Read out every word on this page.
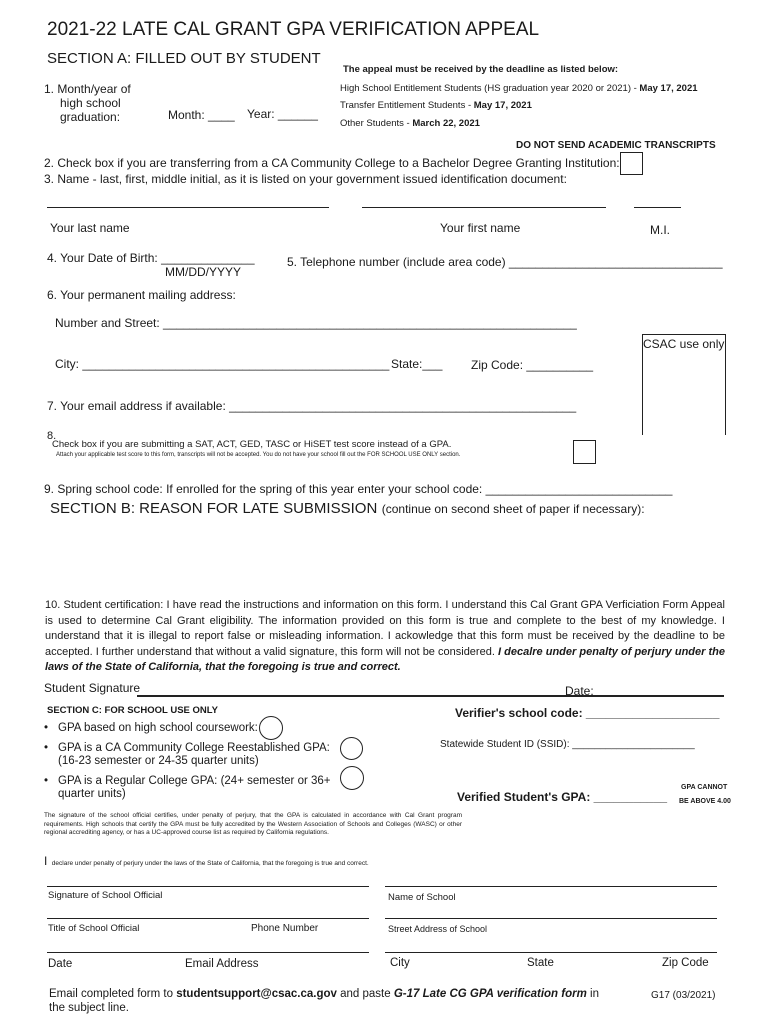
2021-22 LATE CAL GRANT GPA VERIFICATION APPEAL
SECTION A: FILLED OUT BY STUDENT
The appeal must be received by the deadline as listed below:
High School Entitlement Students (HS graduation year 2020 or 2021) - May 17, 2021
Transfer Entitlement Students - May 17, 2021
Other Students - March 22, 2021
1. Month/year of
high school
graduation:	Month: ____ Year: ______
DO NOT SEND ACADEMIC TRANSCRIPTS
2. Check box if you are transferring from a CA Community College to a Bachelor Degree Granting Institution:
3. Name - last, first, middle initial, as it is listed on your government issued identification document:
Your last name	Your first name	M.I.
4. Your Date of Birth: ______________
MM/DD/YYYY
5. Telephone number (include area code) ________________________________
6. Your permanent mailing address:
Number and Street: ______________________________________________________________
City: ______________________________________________ State:___ Zip Code: __________
CSAC use only
7. Your email address if available: ____________________________________________________
8.
Check box if you are submitting a SAT, ACT, GED, TASC or HiSET test score instead of a GPA.
Attach your applicable test score to this form, transcripts will not be accepted. You do not have your school fill out the FOR SCHOOL USE ONLY section.
9. Spring school code: If enrolled for the spring of this year enter your school code: ____________________________
SECTION B: REASON FOR LATE SUBMISSION (continue on second sheet of paper if necessary):
10. Student certification: I have read the instructions and information on this form. I understand this Cal Grant GPA Verficiation Form Appeal is used to determine Cal Grant eligibility. The information provided on this form is true and complete to the best of my knowledge. I understand that it is illegal to report false or misleading information. I ackowledge that this form must be received by the deadline to be accepted. I further understand that without a valid signature, this form will not be considered. I decalre under penalty of perjury under the laws of the State of California, that the foregoing is true and correct.
Student Signature	Date:
SECTION C: FOR SCHOOL USE ONLY	Verifier's school code: ____________________
Statewide Student ID (SSID): ______________________
• GPA based on high school coursework:
• GPA is a CA Community College Reestablished GPA:
(16-23 semester or 24-35 quarter units)
• GPA is a Regular College GPA: (24+ semester or 36+
quarter units)	Verified Student's GPA: ___________
GPA CANNOT
BE ABOVE 4.00
The signature of the school official certifies, under penalty of perjury, that the GPA is calculated in accordance with Cal Grant program requirements. High schools that certify the GPA must be fully accredited by the Western Association of Schools and Colleges (WASC) or other regional accrediting agency, or has a UC-approved course list as required by California regulations.
I declare under penalty of perjury under the laws of the State of California, that the foregoing is true and correct.
Signature of School Official	Name of School
Title of School Official	Phone Number	Street Address of School
Date	Email Address	City	State	Zip Code
Email completed form to studentsupport@csac.ca.gov and paste G-17 Late CG GPA verification form in
the subject line.
G17 (03/2021)
